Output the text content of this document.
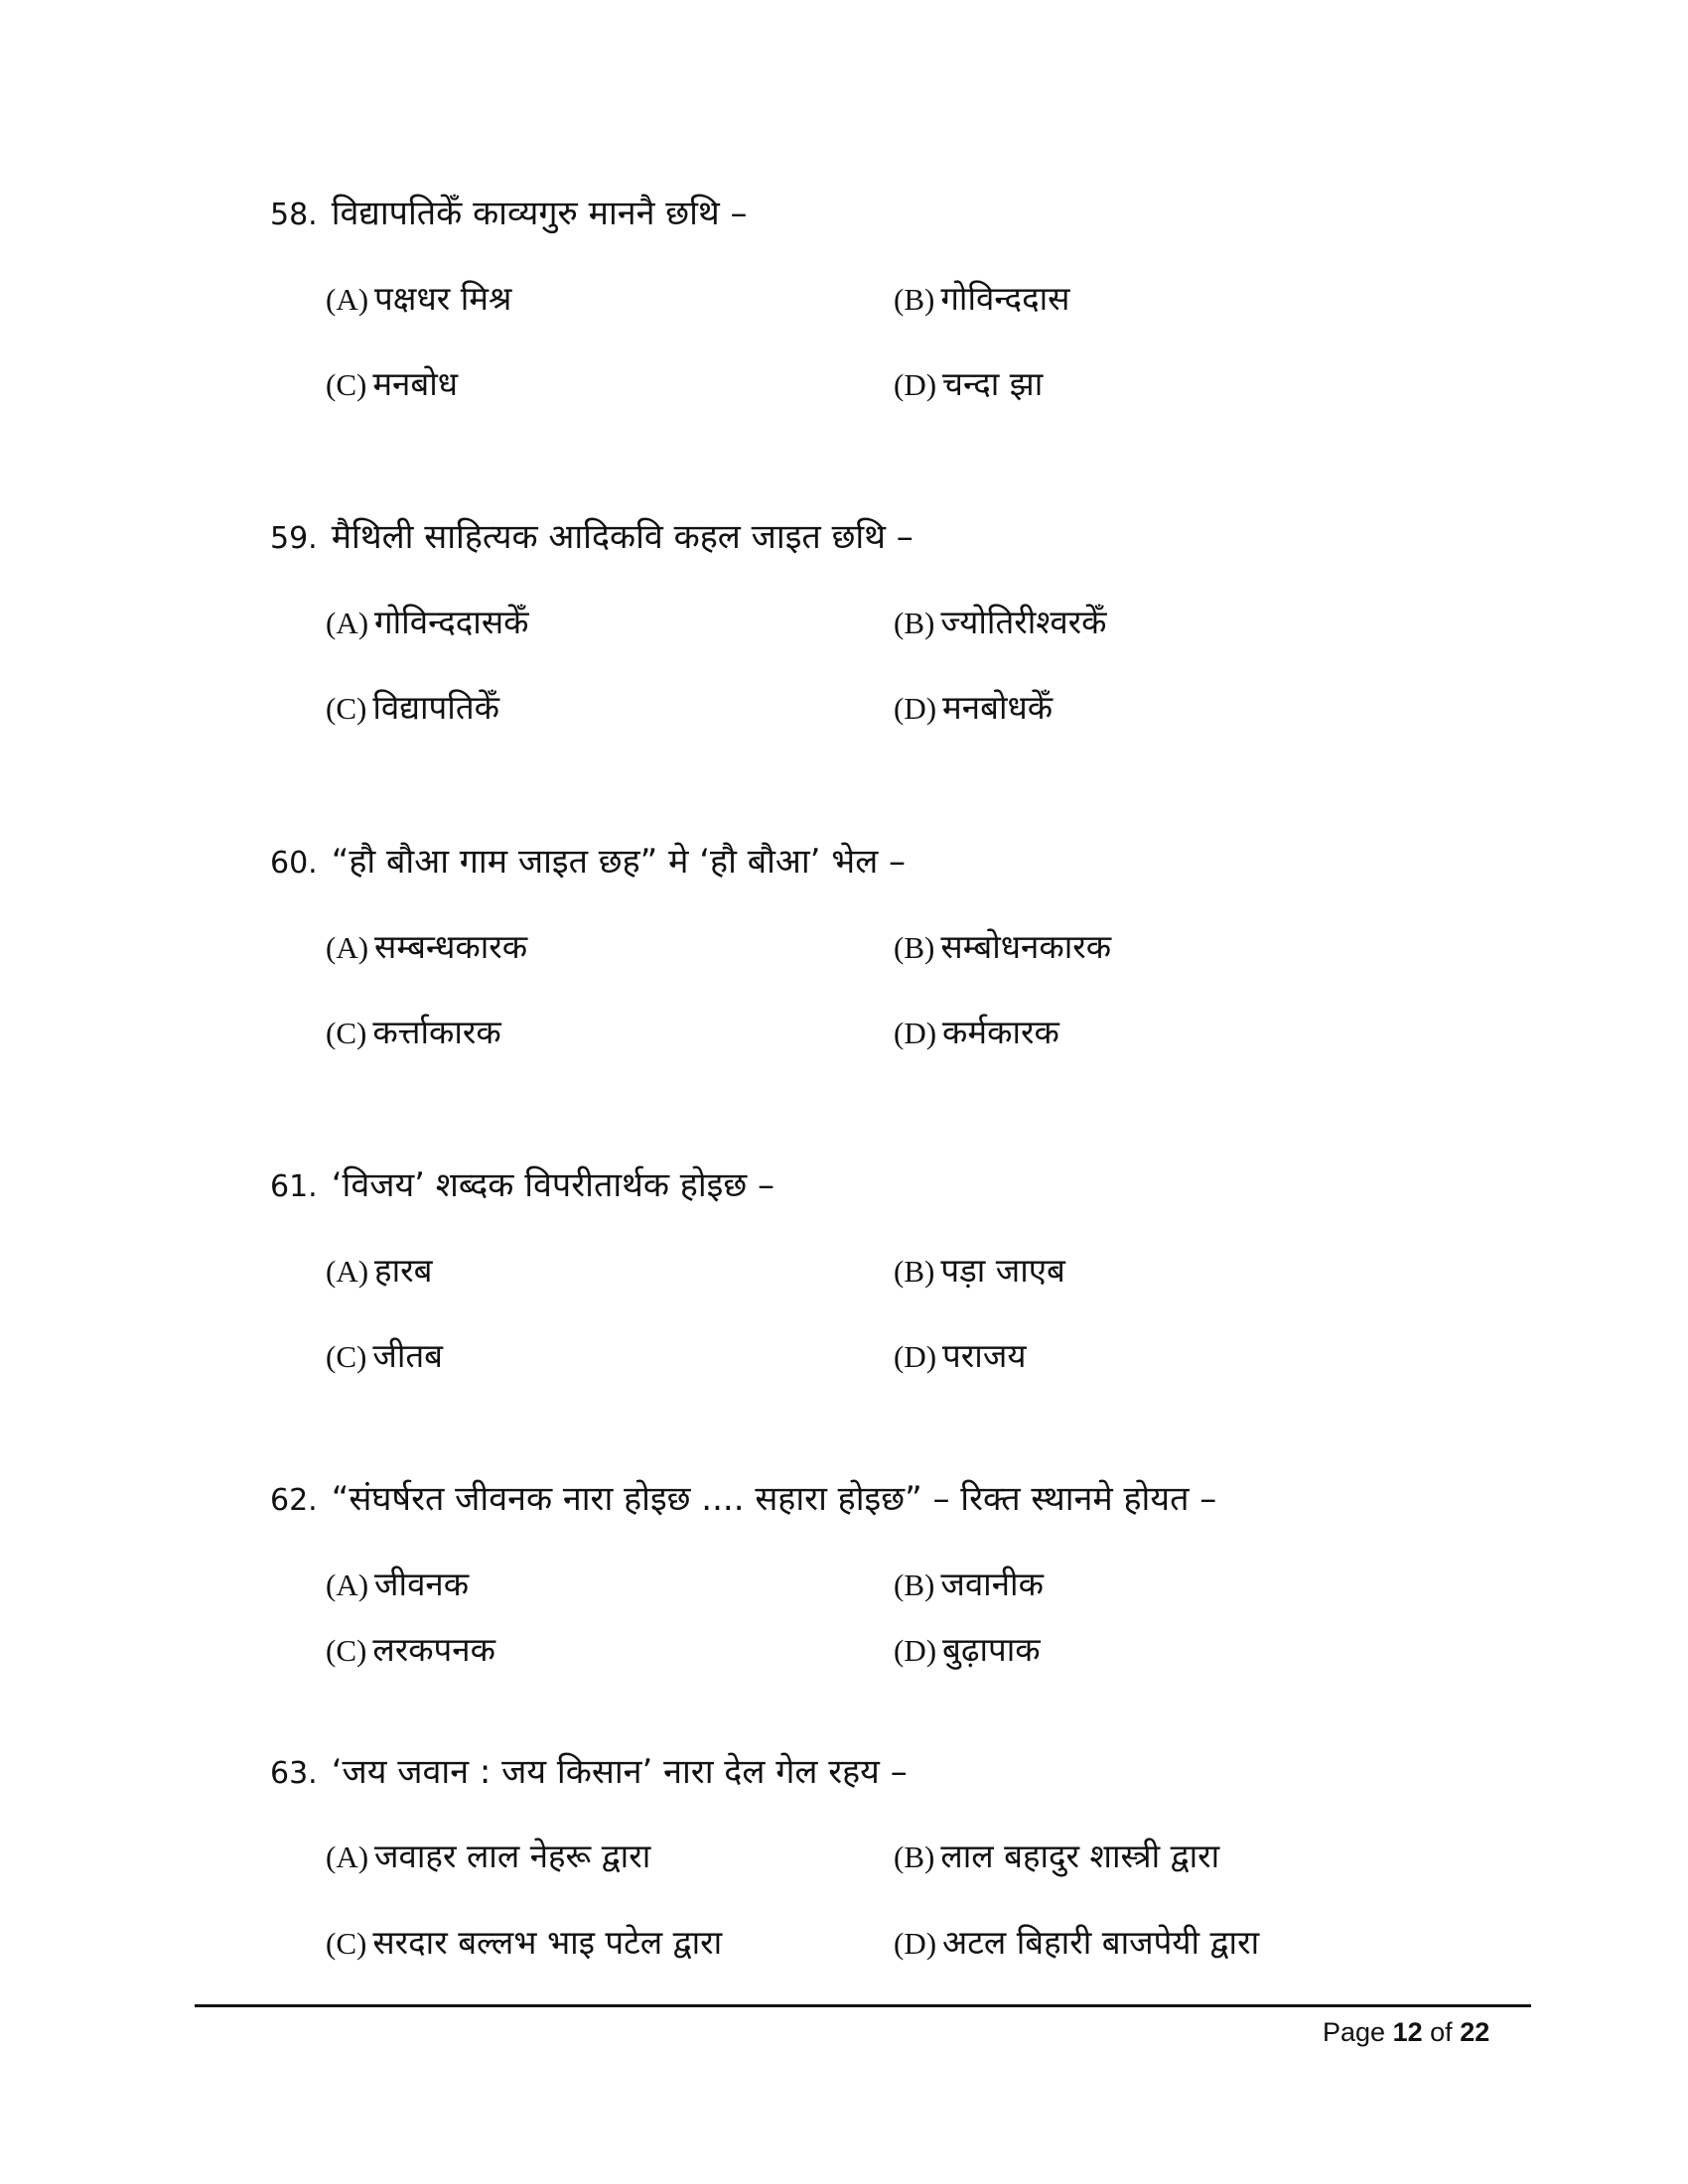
58. विद्यापतिकेँ काव्यगुरु माननै छथि –
(A) पक्षधर मिश्र	(B) गोविन्ददास
(C) मनबोध	(D) चन्दा झा
59. मैथिली साहित्यक आदिकवि कहल जाइत छथि –
(A) गोविन्ददासकेँ	(B) ज्योतिरीश्वरकेँ
(C) विद्यापतिकेँ	(D) मनबोधकेँ
60. “हौ बौआ गाम जाइत छह” मे ‘हौ बौआ’ भेल –
(A) सम्बन्धकारक	(B) सम्बोधनकारक
(C) कर्त्ताकारक	(D) कर्मकारक
61. ‘विजय’ शब्दक विपरीतार्थक होइछ –
(A) हारब	(B) पड़ा जाएब
(C) जीतब	(D) पराजय
62. “संघर्षरत जीवनक नारा होइछ .... सहारा होइछ” – रिक्त स्थानमे होयत –
(A) जीवनक	(B) जवानीक
(C) लरकपनक	(D) बुढ़ापाक
63. ‘जय जवान : जय किसान’ नारा देल गेल रहय –
(A) जवाहर लाल नेहरू द्वारा	(B) लाल बहादुर शास्त्री द्वारा
(C) सरदार बल्लभ भाइ पटेल द्वारा	(D) अटल बिहारी बाजपेयी द्वारा
Page 12 of 22
